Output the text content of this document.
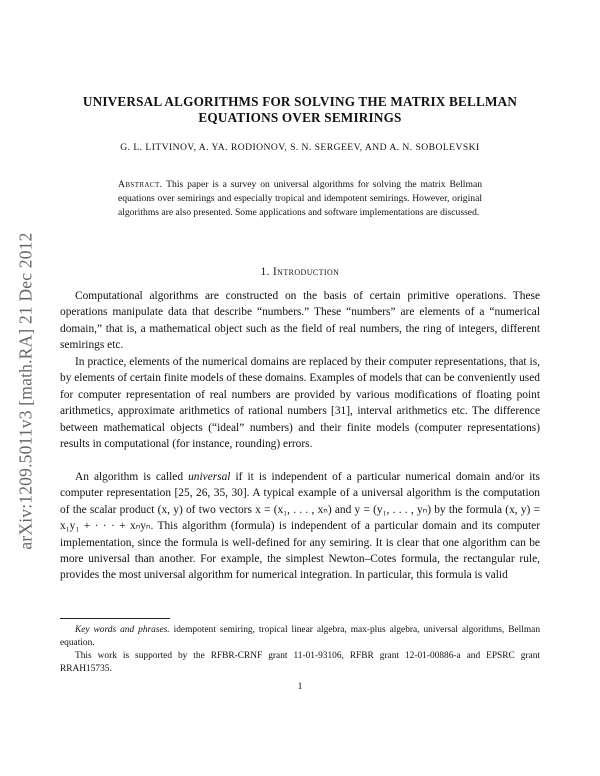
arXiv:1209.5011v3 [math.RA] 21 Dec 2012
UNIVERSAL ALGORITHMS FOR SOLVING THE MATRIX BELLMAN
EQUATIONS OVER SEMIRINGS
G. L. LITVINOV, A. YA. RODIONOV, S. N. SERGEEV, AND A. N. SOBOLEVSKI
Abstract. This paper is a survey on universal algorithms for solving the matrix Bellman equations over semirings and especially tropical and idempotent semirings. However, original algorithms are also presented. Some applications and software implementations are discussed.
1. Introduction
Computational algorithms are constructed on the basis of certain primitive operations. These operations manipulate data that describe “numbers.” These “numbers” are elements of a “numerical domain,” that is, a mathematical object such as the field of real numbers, the ring of integers, different semirings etc.
In practice, elements of the numerical domains are replaced by their computer representations, that is, by elements of certain finite models of these domains. Examples of models that can be conveniently used for computer representation of real numbers are provided by various modifications of floating point arithmetics, approximate arithmetics of rational numbers [31], interval arithmetics etc. The difference between mathematical objects (“ideal” numbers) and their finite models (computer representations) results in computational (for instance, rounding) errors.
An algorithm is called universal if it is independent of a particular numerical domain and/or its computer representation [25, 26, 35, 30]. A typical example of a universal algorithm is the computation of the scalar product (x, y) of two vectors x = (x₁, . . . , xₙ) and y = (y₁, . . . , yₙ) by the formula (x, y) = x₁y₁ + · · · + xₙyₙ. This algorithm (formula) is independent of a particular domain and its computer implementation, since the formula is well-defined for any semiring. It is clear that one algorithm can be more universal than another. For example, the simplest Newton–Cotes formula, the rectangular rule, provides the most universal algorithm for numerical integration. In particular, this formula is valid

Key words and phrases. idempotent semiring, tropical linear algebra, max-plus algebra, universal algorithms, Bellman equation.

This work is supported by the RFBR-CRNF grant 11-01-93106, RFBR grant 12-01-00886-a and EPSRC grant RRAH15735.

1
